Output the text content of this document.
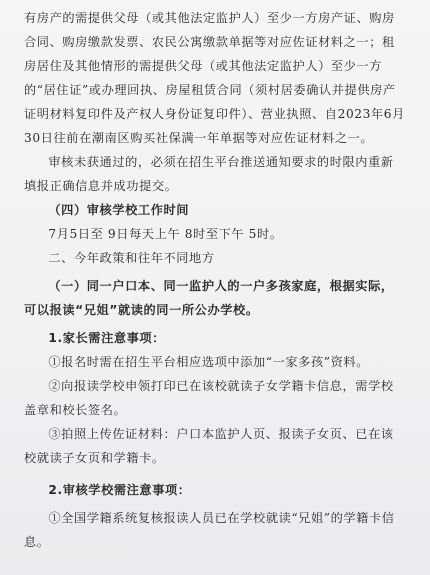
有房产的需提供父母（或其他法定监护人）至少一方房产证、购房合同、购房缴款发票、农民公寓缴款单据等对应佐证材料之一；租房居住及其他情形的需提供父母（或其他法定监护人）至少一方的“居住证”或办理回执、房屋租赁合同（须村居委确认并提供房产证明材料复印件及产权人身份证复印件）、营业执照、自2023年6月30日往前在潮南区购买社保满一年单据等对应佐证材料之一。

审核未获通过的，必须在招生平台推送通知要求的时限内重新填报正确信息并成功提交。

（四）审核学校工作时间

7月5日至 9日每天上午 8时至下午 5时。

二、今年政策和往年不同地方

（一）同一户口本、同一监护人的一户多孩家庭，根据实际，可以报读“兄姐”就读的同一所公办学校。

1.家长需注意事项：

①报名时需在招生平台相应选项中添加“一家多孩”资料。

②向报读学校申领打印已在该校就读子女学籍卡信息，需学校盖章和校长签名。

③拍照上传佐证材料：户口本监护人页、报读子女页、已在该校就读子女页和学籍卡。

2.审核学校需注意事项：

①全国学籍系统复核报读人员已在学校就读“兄姐”的学籍卡信息。
